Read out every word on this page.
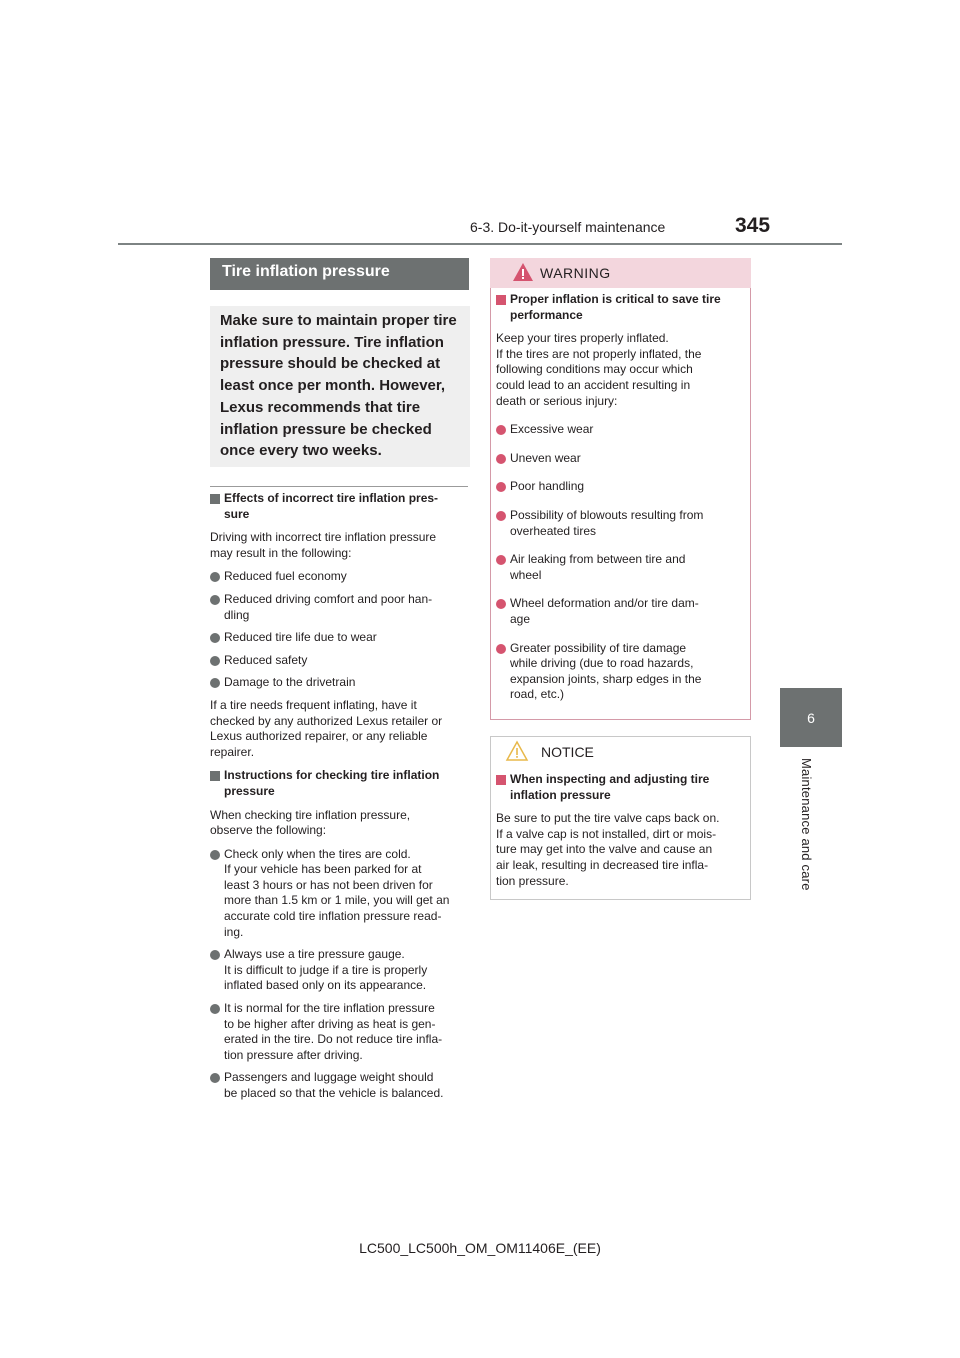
6-3. Do-it-yourself maintenance	345
6
Maintenance and care
Tire inflation pressure
Make sure to maintain proper tire inflation pressure. Tire inflation pressure should be checked at least once per month. However, Lexus recommends that tire inflation pressure be checked once every two weeks.
Effects of incorrect tire inflation pres-
sure
Driving with incorrect tire inflation pressure
may result in the following:
Reduced fuel economy
Reduced driving comfort and poor han-
dling
Reduced tire life due to wear
Reduced safety
Damage to the drivetrain
If a tire needs frequent inflating, have it
checked by any authorized Lexus retailer or
Lexus authorized repairer, or any reliable
repairer.
Instructions for checking tire inflation
pressure
When checking tire inflation pressure,
observe the following:
Check only when the tires are cold.
If your vehicle has been parked for at
least 3 hours or has not been driven for
more than 1.5 km or 1 mile, you will get an
accurate cold tire inflation pressure read-
ing.
Always use a tire pressure gauge.
It is difficult to judge if a tire is properly
inflated based only on its appearance.
It is normal for the tire inflation pressure
to be higher after driving as heat is gen-
erated in the tire. Do not reduce tire infla-
tion pressure after driving.
Passengers and luggage weight should
be placed so that the vehicle is balanced.
WARNING
Proper inflation is critical to save tire
performance
Keep your tires properly inflated.
If the tires are not properly inflated, the
following conditions may occur which
could lead to an accident resulting in
death or serious injury:
Excessive wear
Uneven wear
Poor handling
Possibility of blowouts resulting from
overheated tires
Air leaking from between tire and
wheel
Wheel deformation and/or tire dam-
age
Greater possibility of tire damage
while driving (due to road hazards,
expansion joints, sharp edges in the
road, etc.)
NOTICE
When inspecting and adjusting tire
inflation pressure
Be sure to put the tire valve caps back on.
If a valve cap is not installed, dirt or mois-
ture may get into the valve and cause an
air leak, resulting in decreased tire infla-
tion pressure.
LC500_LC500h_OM_OM11406E_(EE)
